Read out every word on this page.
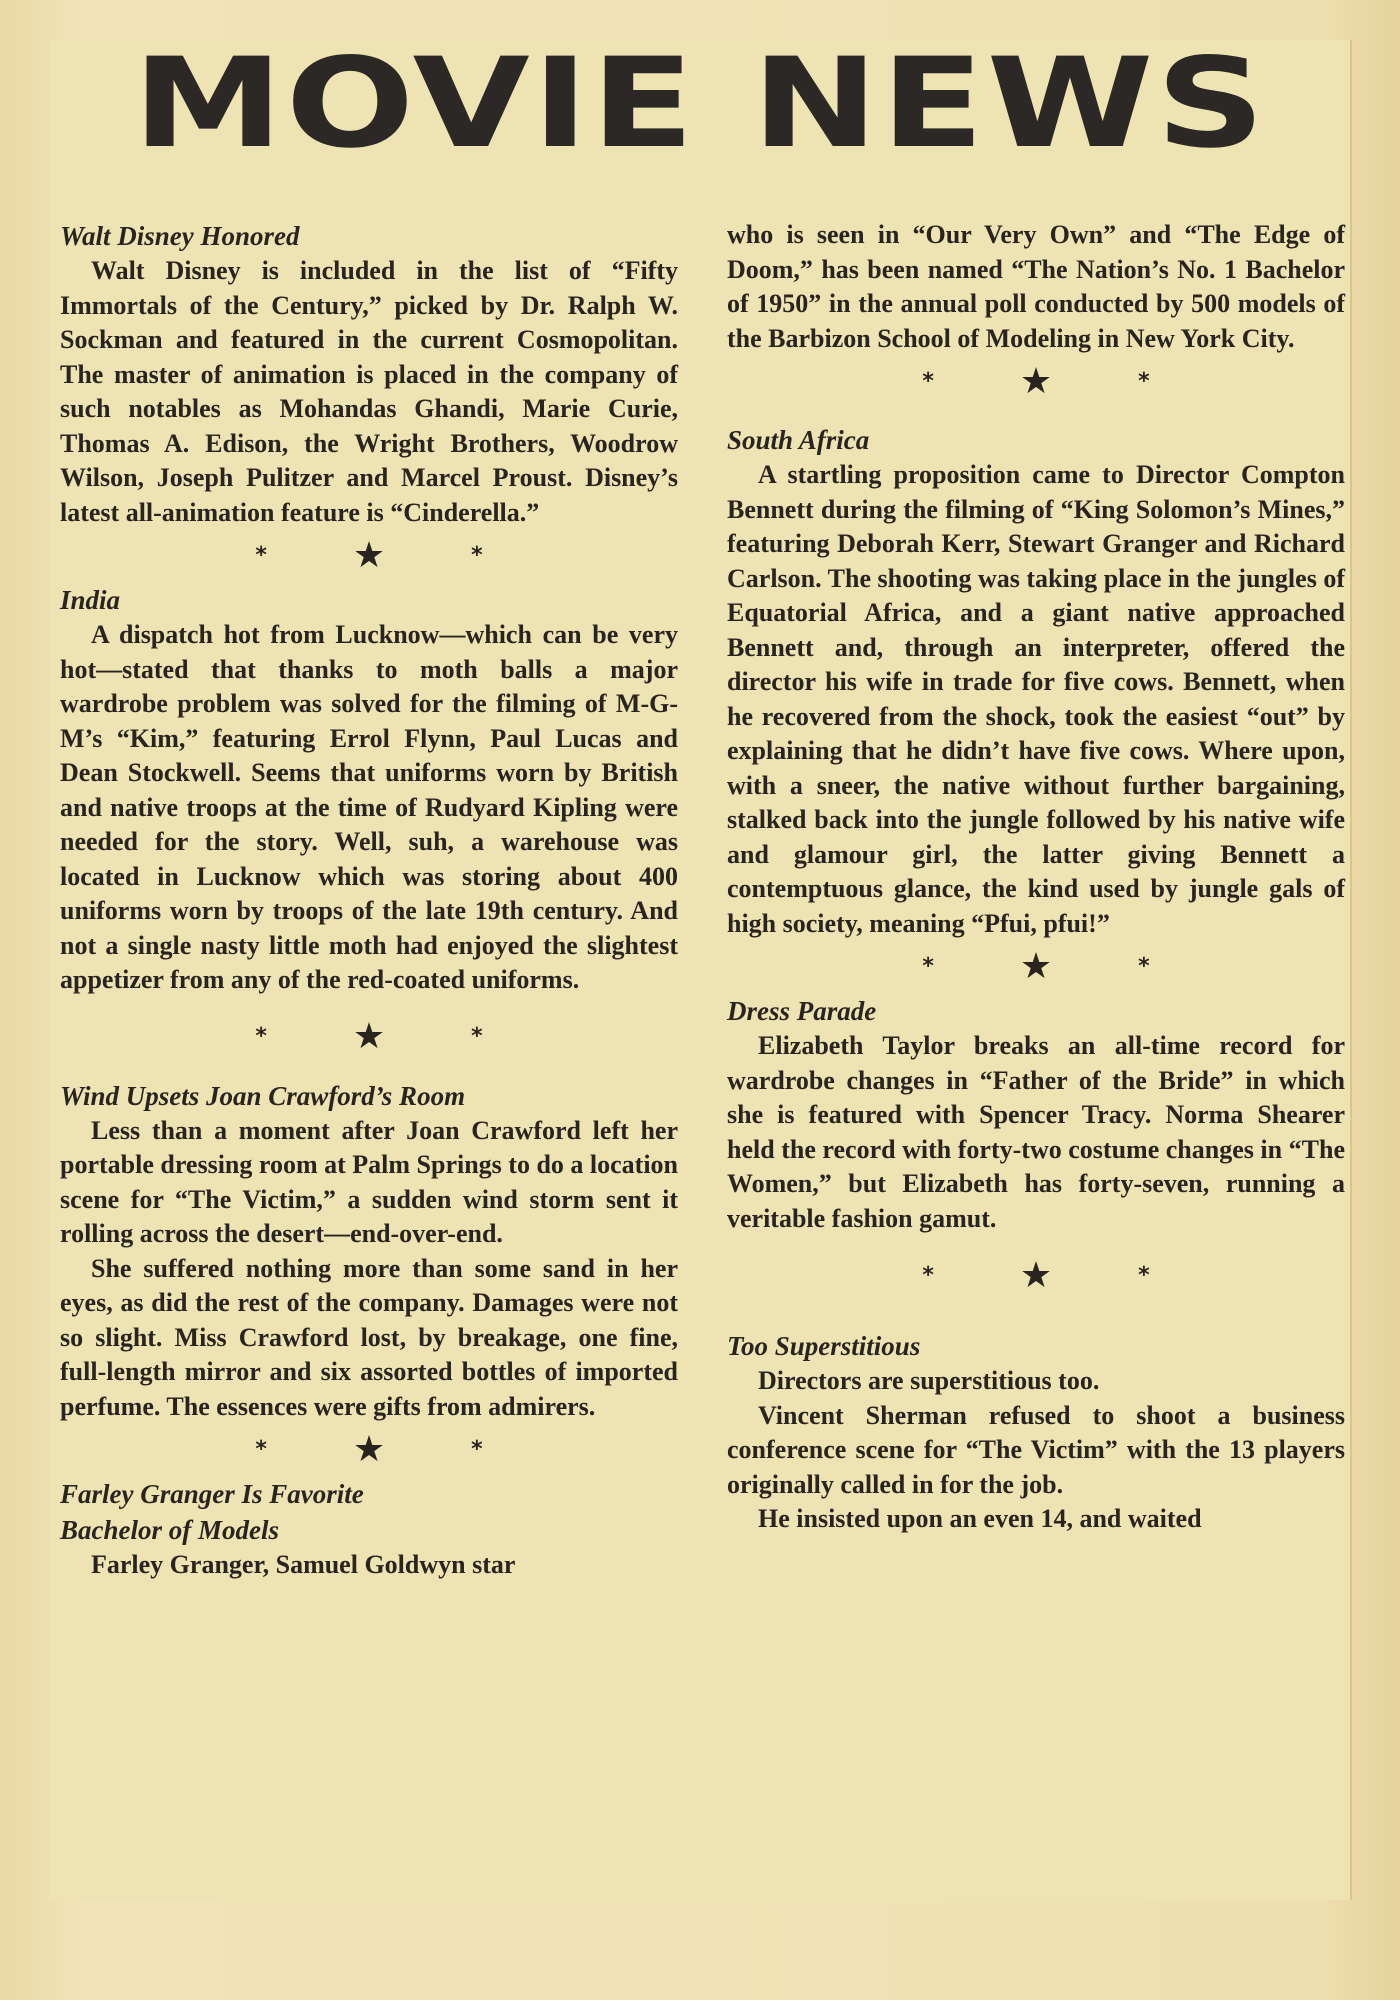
MOVIE NEWS
Walt Disney Honored

Walt Disney is included in the list of “Fifty Immortals of the Century,” picked by Dr. Ralph W. Sockman and featured in the current Cosmopolitan. The master of animation is placed in the company of such notables as Mohandas Ghandi, Marie Curie, Thomas A. Edison, the Wright Brothers, Woodrow Wilson, Joseph Pulitzer and Marcel Proust. Disney’s latest all-animation feature is “Cinderella.”

* ★	*
India

A dispatch hot from Lucknow—which can be very hot—stated that thanks to moth balls a major wardrobe problem was solved for the filming of M-G-M’s “Kim,” featuring Errol Flynn, Paul Lucas and Dean Stockwell. Seems that uniforms worn by British and native troops at the time of Rudyard Kipling were needed for the story. Well, suh, a warehouse was located in Lucknow which was storing about 400 uniforms worn by troops of the late 19th century. And not a single nasty little moth had enjoyed the slightest appetizer from any of the red-coated uniforms.

* ★	*
Wind Upsets Joan Crawford’s Room

Less than a moment after Joan Crawford left her portable dressing room at Palm Springs to do a location scene for “The Victim,” a sudden wind storm sent it rolling across the desert—end-over-end.

She suffered nothing more than some sand in her eyes, as did the rest of the company. Damages were not so slight. Miss Crawford lost, by breakage, one fine, full-length mirror and six assorted bottles of imported perfume. The essences were gifts from admirers.

* ★	*
Farley Granger Is Favorite
Bachelor of Models

Farley Granger, Samuel Goldwyn star

who is seen in “Our Very Own” and “The Edge of Doom,” has been named “The Nation’s No. 1 Bachelor of 1950” in the annual poll conducted by 500 models of the Barbizon School of Modeling in New York City.

* ★	*
South Africa

A startling proposition came to Director Compton Bennett during the filming of “King Solomon’s Mines,” featuring Deborah Kerr, Stewart Granger and Richard Carlson. The shooting was taking place in the jungles of Equatorial Africa, and a giant native approached Bennett and, through an interpreter, offered the director his wife in trade for five cows. Bennett, when he recovered from the shock, took the easiest “out” by explaining that he didn’t have five cows. Where upon, with a sneer, the native without further bargaining, stalked back into the jungle followed by his native wife and glamour girl, the latter giving Bennett a contemptuous glance, the kind used by jungle gals of high society, meaning “Pfui, pfui!”

* ★	*
Dress Parade

Elizabeth Taylor breaks an all-time record for wardrobe changes in “Father of the Bride” in which she is featured with Spencer Tracy. Norma Shearer held the record with forty-two costume changes in “The Women,” but Elizabeth has forty-seven, running a veritable fashion gamut.

* ★	*
Too Superstitious

Directors are superstitious too.

Vincent Sherman refused to shoot a business conference scene for “The Victim” with the 13 players originally called in for the job.

He insisted upon an even 14, and waited
